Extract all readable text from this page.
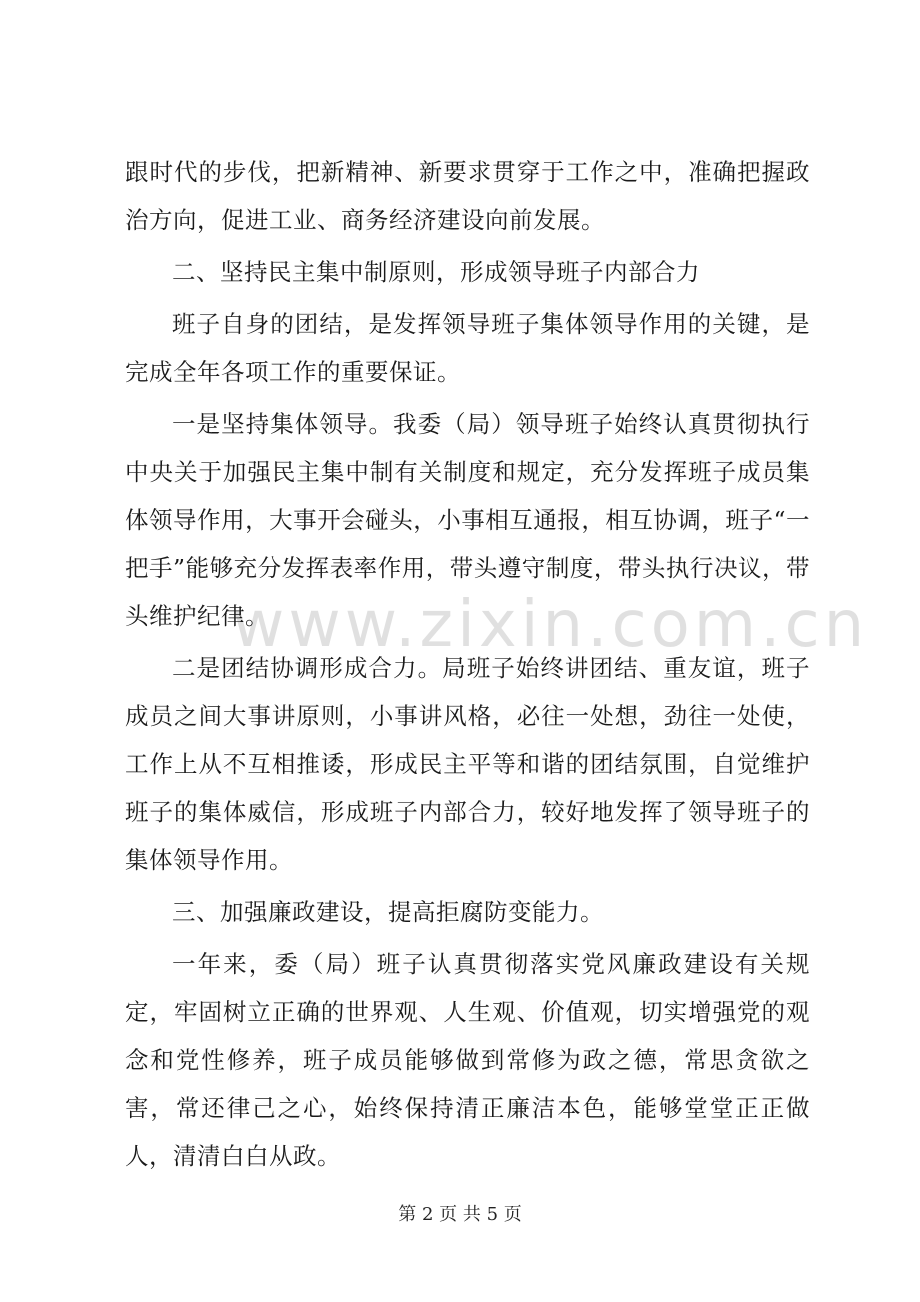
跟时代的步伐，把新精神、新要求贯穿于工作之中，准确把握政治方向，促进工业、商务经济建设向前发展。

二、坚持民主集中制原则，形成领导班子内部合力

班子自身的团结，是发挥领导班子集体领导作用的关键，是完成全年各项工作的重要保证。

一是坚持集体领导。我委（局）领导班子始终认真贯彻执行中央关于加强民主集中制有关制度和规定，充分发挥班子成员集体领导作用，大事开会碰头，小事相互通报，相互协调，班子“一把手”能够充分发挥表率作用，带头遵守制度，带头执行决议，带头维护纪律。

二是团结协调形成合力。局班子始终讲团结、重友谊，班子成员之间大事讲原则，小事讲风格，必往一处想，劲往一处使，工作上从不互相推诿，形成民主平等和谐的团结氛围，自觉维护班子的集体威信，形成班子内部合力，较好地发挥了领导班子的集体领导作用。

三、加强廉政建设，提高拒腐防变能力。

一年来，委（局）班子认真贯彻落实党风廉政建设有关规定，牢固树立正确的世界观、人生观、价值观，切实增强党的观念和党性修养，班子成员能够做到常修为政之德，常思贪欲之害，常还律己之心，始终保持清正廉洁本色，能够堂堂正正做人，清清白白从政。

www.zixin.com.cn
第 2 页 共 5 页
